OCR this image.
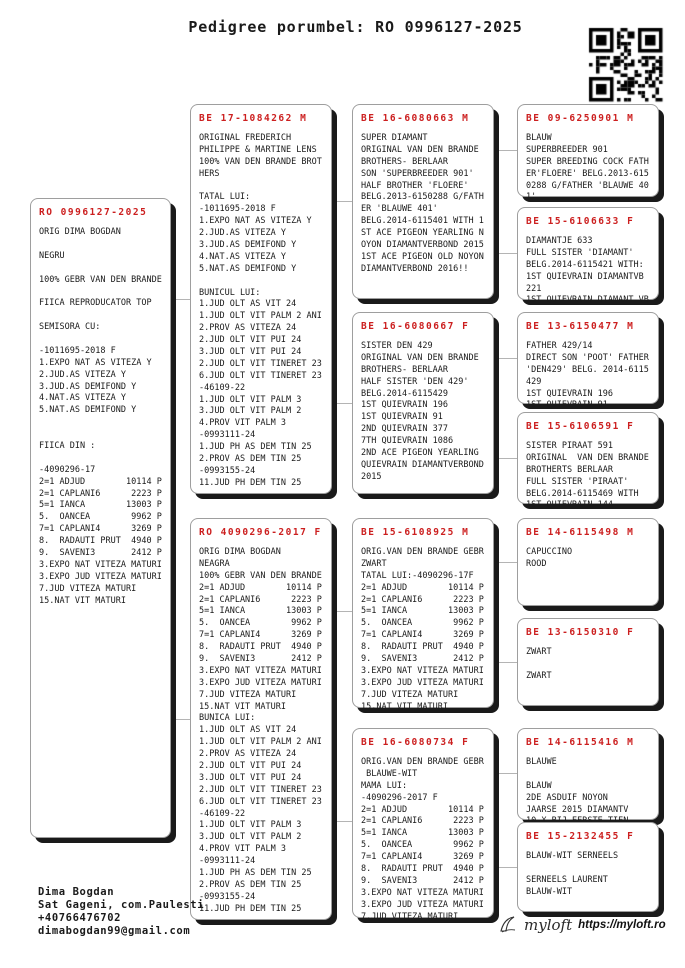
Pedigree porumbel: RO 0996127-2025
RO 0996127-2025
ORIG DIMA BOGDAN

NEGRU

100% GEBR VAN DEN BRANDE

FIICA REPRODUCATOR TOP

SEMISORA CU:

-1011695-2018 F
1.EXPO NAT AS VITEZA Y
2.JUD.AS VITEZA Y
3.JUD.AS DEMIFOND Y
4.NAT.AS VITEZA Y
5.NAT.AS DEMIFOND Y

FIICA DIN :

-4090296-17
2=1 ADJUD        10114 P
2=1 CAPLANI6      2223 P
5=1 IANCA        13003 P
5.  OANCEA        9962 P
7=1 CAPLANI4      3269 P
8.  RADAUTI PRUT  4940 P
9.  SAVENI3       2412 P
3.EXPO NAT VITEZA MATURI
3.EXPO JUD VITEZA MATURI
7.JUD VITEZA MATURI
15.NAT VIT MATURI
BE 17-1084262 M
ORIGINAL FREDERICH
PHILIPPE & MARTINE LENS
100% VAN DEN BRANDE BROT
HERS

TATAL LUI:
-1011695-2018 F
1.EXPO NAT AS VITEZA Y
2.JUD.AS VITEZA Y
3.JUD.AS DEMIFOND Y
4.NAT.AS VITEZA Y
5.NAT.AS DEMIFOND Y

BUNICUL LUI:
1.JUD OLT AS VIT 24
1.JUD OLT VIT PALM 2 ANI
2.PROV AS VITEZA 24
2.JUD OLT VIT PUI 24
3.JUD OLT VIT PUI 24
2.JUD OLT VIT TINERET 23
6.JUD OLT VIT TINERET 23
-46109-22
1.JUD OLT VIT PALM 3
3.JUD OLT VIT PALM 2
4.PROV VIT PALM 3
-0993111-24
1.JUD PH AS DEM TIN 25
2.PROV AS DEM TIN 25
-0993155-24
11.JUD PH DEM TIN 25
RO 4090296-2017 F
ORIG DIMA BOGDAN
NEAGRA
100% GEBR VAN DEN BRANDE
2=1 ADJUD        10114 P
2=1 CAPLANI6      2223 P
5=1 IANCA        13003 P
5.  OANCEA        9962 P
7=1 CAPLANI4      3269 P
8.  RADAUTI PRUT  4940 P
9.  SAVENI3       2412 P
3.EXPO NAT VITEZA MATURI
3.EXPO JUD VITEZA MATURI
7.JUD VITEZA MATURI
15.NAT VIT MATURI
BUNICA LUI:
1.JUD OLT AS VIT 24
1.JUD OLT VIT PALM 2 ANI
2.PROV AS VITEZA 24
2.JUD OLT VIT PUI 24
3.JUD OLT VIT PUI 24
2.JUD OLT VIT TINERET 23
6.JUD OLT VIT TINERET 23
-46109-22
1.JUD OLT VIT PALM 3
3.JUD OLT VIT PALM 2
4.PROV VIT PALM 3
-0993111-24
1.JUD PH AS DEM TIN 25
2.PROV AS DEM TIN 25
-0993155-24
11.JUD PH DEM TIN 25
BE 16-6080663 M
SUPER DIAMANT
ORIGINAL VAN DEN BRANDE
BROTHERS- BERLAAR
SON 'SUPERBREEDER 901'
HALF BROTHER 'FLOERE'
BELG.2013-6150288 G/FATH
ER 'BLAUWE 401'
BELG.2014-6115401 WITH 1
ST ACE PIGEON YEARLING N
OYON DIAMANTVERBOND 2015
1ST ACE PIGEON OLD NOYON
DIAMANTVERBOND 2016!!
BE 16-6080667 F
SISTER DEN 429
ORIGINAL VAN DEN BRANDE
BROTHERS- BERLAAR
HALF SISTER 'DEN 429'
BELG.2014-6115429
1ST QUIEVRAIN 196
1ST QUIEVRAIN 91
2ND QUIEVRAIN 377
7TH QUIEVRAIN 1086
2ND ACE PIGEON YEARLING
QUIEVRAIN DIAMANTVERBOND
2015
BE 15-6108925 M
ORIG.VAN DEN BRANDE GEBR
ZWART
TATAL LUI:-4090296-17F
2=1 ADJUD        10114 P
2=1 CAPLANI6      2223 P
5=1 IANCA        13003 P
5.  OANCEA        9962 P
7=1 CAPLANI4      3269 P
8.  RADAUTI PRUT  4940 P
9.  SAVENI3       2412 P
3.EXPO NAT VITEZA MATURI
3.EXPO JUD VITEZA MATURI
7.JUD VITEZA MATURI
15.NAT VIT MATURI
BE 16-6080734 F
ORIG.VAN DEN BRANDE GEBR
BLAUWE-WIT
MAMA LUI:
-4090296-2017 F
2=1 ADJUD        10114 P
2=1 CAPLANI6      2223 P
5=1 IANCA        13003 P
5.  OANCEA        9962 P
7=1 CAPLANI4      3269 P
8.  RADAUTI PRUT  4940 P
9.  SAVENI3       2412 P
3.EXPO NAT VITEZA MATURI
3.EXPO JUD VITEZA MATURI
7.JUD VITEZA MATURI
BE 09-6250901 M
BLAUW
SUPERBREEDER 901
SUPER BREEDING COCK FATH
ER'FLOERE' BELG.2013-615
0288 G/FATHER 'BLAUWE 40
1'
BE 15-6106633 F
DIAMANTJE 633
FULL SISTER 'DIAMANT'
BELG.2014-6115421 WITH:
1ST QUIEVRAIN DIAMANTVB
221
1ST QUIEVRAIN DIAMANT VB
BE 13-6150477 M
FATHER 429/14
DIRECT SON 'POOT' FATHER
'DEN429' BELG. 2014-6115
429
1ST QUIEVRAIN 196
1ST QUIEVRAIN 91
BE 15-6106591 F
SISTER PIRAAT 591
ORIGINAL  VAN DEN BRANDE
BROTHERTS BERLAAR
FULL SISTER 'PIRAAT'
BELG.2014-6115469 WITH
1ST QUIEVRAIN 144
BE 14-6115498 M
CAPUCCINO
ROOD
BE 13-6150310 F
ZWART

ZWART
BE 14-6115416 M
BLAUWE

BLAUW
2DE ASDUIF NOYON
JAARSE 2015 DIAMANTV
BE 15-2132455 F
BLAUW-WIT SERNEELS

SERNEELS LAURENT
BLAUW-WIT
Dima Bogdan
Sat Gageni, com.Paulesti
+40766476702
dimabogdan99@gmail.com	myloft https://myloft.ro
